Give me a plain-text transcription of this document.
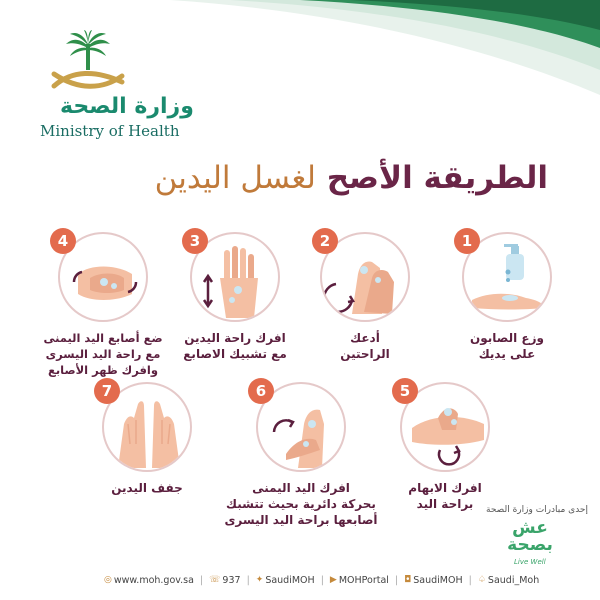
وزارة الصحة
Ministry of Health
الطريقة الأصح لغسل اليدين
1
وزع الصابون
على يديك
2
أدعك
الراحتين
3
افرك راحة اليدين
مع تشبيك الاصابع
4
ضع أصابع اليد اليمنى
مع راحة اليد اليسرى
وافرك ظهر الأصابع
5
افرك الابهام
براحة اليد
6
افرك اليد اليمنى
بحركة دائرية بحيث تتشبك
أصابعها براحة اليد اليسرى
7
جفف اليدين
إحدى مبادرات وزارة الصحة
عش بصحة
Live Well
◎ www.moh.gov.sa | ☏ 937 | ✦ SaudiMOH | ▶ MOHPortal | ◘ SaudiMOH | ♤ Saudi_Moh
